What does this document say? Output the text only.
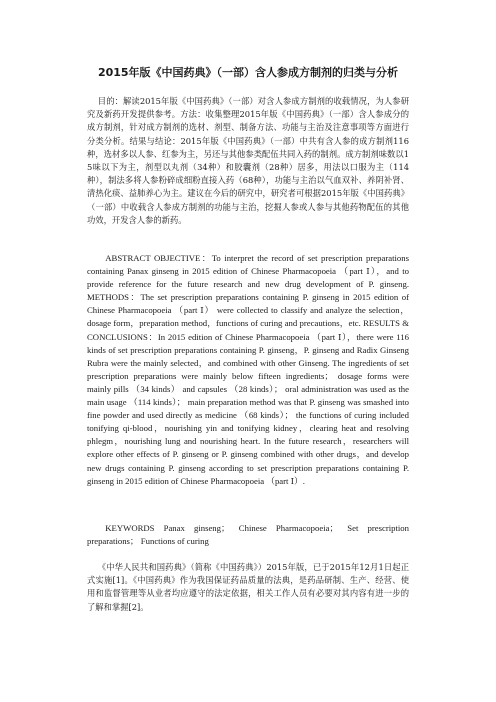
2015年版《中国药典》（一部）含人参成方制剂的归类与分析

目的：解读2015年版《中国药典》（一部）对含人参成方制剂的收载情况，为人参研究及新药开发提供参考。方法：收集整理2015年版《中国药典》（一部）含人参成分的成方制剂，针对成方制剂的选材、剂型、制备方法、功能与主治及注意事项等方面进行分类分析。结果与结论：2015年版《中国药典》（一部）中共有含人参的成方制剂116种，选材多以人参、红参为主，另还与其他参类配伍共同入药的制剂。成方制剂味数以15味以下为主，剂型以丸剂（34种）和胶囊剂（28种）居多，用法以口服为主（114种），制法多将人参粉碎成细粉直接入药（68种），功能与主治以气血双补、养阴补肾、清热化痰、益肺养心为主。建议在今后的研究中，研究者可根据2015年版《中国药典》（一部）中收载含人参成方制剂的功能与主治，挖掘人参或人参与其他药物配伍的其他功效，开发含人参的新药。

ABSTRACT OBJECTIVE：To interpret the record of set prescription preparations containing Panax ginseng in 2015 edition of Chinese Pharmacopoeia （part Ⅰ），and to provide reference for the future research and new drug development of P. ginseng. METHODS：The set prescription preparations containing P. ginseng in 2015 edition of Chinese Pharmacopoeia （part Ⅰ） were collected to classify and analyze the selection，dosage form，preparation method，functions of curing and precautions，etc. RESULTS & CONCLUSIONS：In 2015 edition of Chinese Pharmacopoeia （part Ⅰ），there were 116 kinds of set prescription preparations containing P. ginseng，P. ginseng and Radix Ginseng Rubra were the mainly selected，and combined with other Ginseng. The ingredients of set prescription preparations were mainly below fifteen ingredients； dosage forms were mainly pills （34 kinds） and capsules （28 kinds）； oral administration was used as the main usage （114 kinds）； main preparation method was that P. ginseng was smashed into fine powder and used directly as medicine （68 kinds）； the functions of curing included tonifying qi-blood，nourishing yin and tonifying kidney，clearing heat and resolving phlegm，nourishing lung and nourishing heart. In the future research，researchers will explore other effects of P. ginseng or P. ginseng combined with other drugs，and develop new drugs containing P. ginseng according to set prescription preparations containing P. ginseng in 2015 edition of Chinese Pharmacopoeia （part Ⅰ）.

KEYWORDS Panax ginseng； Chinese Pharmacopoeia； Set prescription preparations； Functions of curing

《中华人民共和国药典》（简称《中国药典》）2015年版，已于2015年12月1日起正式实施[1]。《中国药典》作为我国保证药品质量的法典，是药品研制、生产、经营、使用和监督管理等从业者均应遵守的法定依据，相关工作人员有必要对其内容有进一步的了解和掌握[2]。
